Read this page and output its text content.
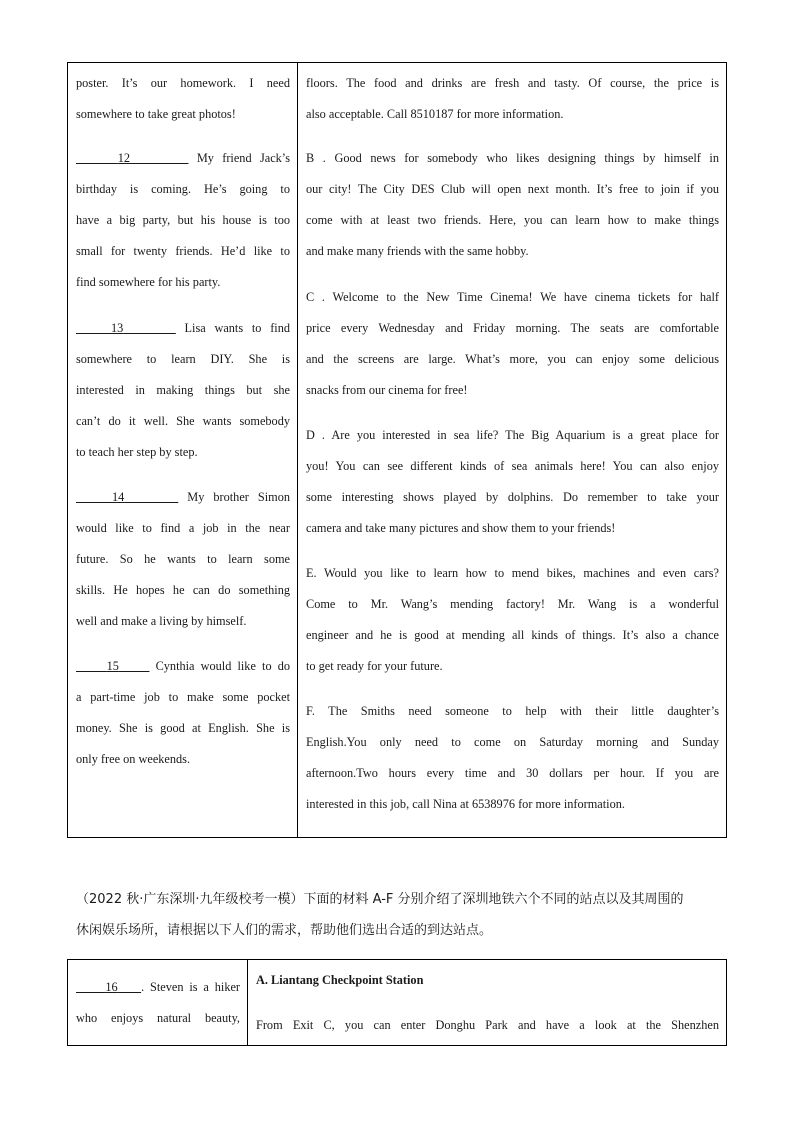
poster. It’s our homework. I need
somewhere to take great photos!
12	My friend Jack’s
birthday is coming. He’s going to
have a big party, but his house is too
small for twenty friends. He’d like to
find somewhere for his party.
13	Lisa wants to find
somewhere to learn DIY. She is
interested in making things but she
can’t do it well. She wants somebody
to teach her step by step.
14	My brother Simon
would like to find a job in the near
future. So he wants to learn some
skills. He hopes he can do something
well and make a living by himself.
15      Cynthia would like to do
a part-time job to make some pocket
money. She is good at English. She is
only free on weekends.
floors. The food and drinks are fresh and tasty. Of course, the price is
also acceptable. Call 8510187 for more information.
B . Good news for somebody who likes designing things by himself in
our city! The City DES Club will open next month. It’s free to join if you
come with at least two friends. Here, you can learn how to make things
and make many friends with the same hobby.
C . Welcome to the New Time Cinema! We have cinema tickets for half
price every Wednesday and Friday morning. The seats are comfortable
and the screens are large. What’s more, you can enjoy some delicious
snacks from our cinema for free!
D . Are you interested in sea life? The Big Aquarium is a great place for
you! You can see different kinds of sea animals here! You can also enjoy
some interesting shows played by dolphins. Do remember to take your
camera and take many pictures and show them to your friends!
E. Would you like to learn how to mend bikes, machines and even cars?
Come to Mr. Wang’s mending factory! Mr. Wang is a wonderful
engineer and he is good at mending all kinds of things. It’s also a chance
to get ready for your future.
F. The Smiths need someone to help with their little daughter’s
English.You only need to come on Saturday morning and Sunday
afternoon.Two hours every time and 30 dollars per hour. If you are
interested in this job, call Nina at 6538976 for more information.
（2022 秋·广东深圳·九年级校考一模）下面的材料 A-F 分别介绍了深圳地铁六个不同的站点以及其周围的
休闲娱乐场所，请根据以下人们的需求，帮助他们选出合适的到达站点。
16 . Steven is a hiker
who enjoys natural beauty,
A. Liantang Checkpoint Station
From Exit C, you can enter Donghu Park and have a look at the Shenzhen
